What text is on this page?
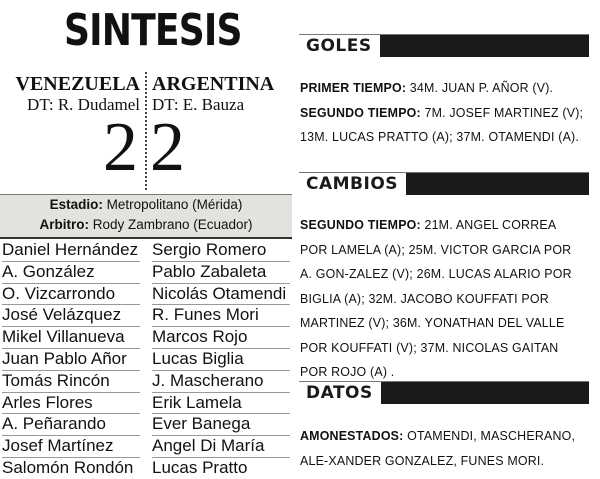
SINTESIS
VENEZUELA
DT: R. Dudamel
2
ARGENTINA
DT: E. Bauza
2
Estadio: Metropolitano (Mérida)
Arbitro: Rody Zambrano (Ecuador)
Daniel Hernández
A. González
O. Vizcarrondo
José Velázquez
Mikel Villanueva
Juan Pablo Añor
Tomás Rincón
Arles Flores
A. Peñarando
Josef Martínez
Salomón Rondón
Sergio Romero
Pablo Zabaleta
Nicolás Otamendi
R. Funes Mori
Marcos Rojo
Lucas Biglia
J. Mascherano
Erik Lamela
Ever Banega
Angel Di María
Lucas Pratto
GOLES

PRIMER TIEMPO: 34M. JUAN P. AÑOR (V).
SEGUNDO TIEMPO: 7M. JOSEF MARTINEZ (V); 13M. LUCAS PRATTO (A); 37M. OTAMENDI (A).

CAMBIOS

SEGUNDO TIEMPO: 21M. ANGEL CORREA POR LAMELA (A); 25M. VICTOR GARCIA POR A. GON-ZALEZ (V); 26M. LUCAS ALARIO POR BIGLIA (A); 32M. JACOBO KOUFFATI POR MARTINEZ (V); 36M. YONATHAN DEL VALLE POR KOUFFATI (V); 37M. NICOLAS GAITAN POR ROJO (A) .

DATOS

AMONESTADOS: OTAMENDI, MASCHERANO, ALE-XANDER GONZALEZ, FUNES MORI.
